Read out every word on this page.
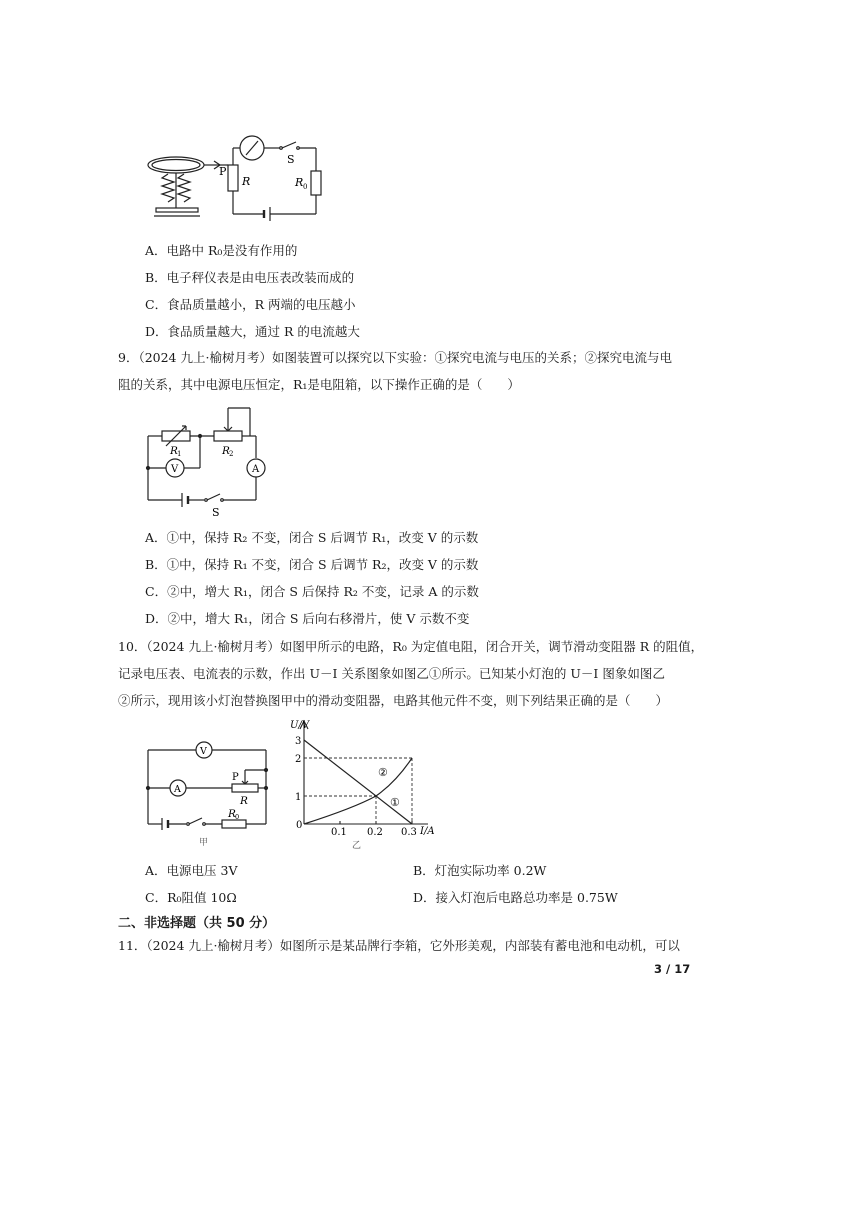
P
R
S
R 0
A．电路中 R₀是没有作用的
B．电子秤仪表是由电压表改装而成的
C．食品质量越小，R 两端的电压越小
D．食品质量越大，通过 R 的电流越大
9．（2024 九上·榆树月考）如图装置可以探究以下实验：①探究电流与电压的关系；②探究电流与电
阻的关系，其中电源电压恒定，R₁是电阻箱，以下操作正确的是（　　）
R 1	R 2
V	A
S
A．①中，保持 R₂ 不变，闭合 S 后调节 R₁，改变 V 的示数
B．①中，保持 R₁ 不变，闭合 S 后调节 R₂，改变 V 的示数
C．②中，增大 R₁，闭合 S 后保持 R₂ 不变，记录 A 的示数
D．②中，增大 R₁，闭合 S 后向右移滑片，使 V 示数不变
10．（2024 九上·榆树月考）如图甲所示的电路，R₀ 为定值电阻，闭合开关，调节滑动变阻器 R 的阻值，
记录电压表、电流表的示数，作出 U－I 关系图象如图乙①所示。已知某小灯泡的 U－I 图象如图乙
②所示，现用该小灯泡替换图甲中的滑动变阻器，电路其他元件不变，则下列结果正确的是（　　）
V
A
P
R
R 0
甲
U/V
I/A
0
1
2
3
0.1 0.2 0.3
①
②
乙
A．电源电压 3V	B．灯泡实际功率 0.2W
C．R₀阻值 10Ω	D．接入灯泡后电路总功率是 0.75W
二、非选择题（共 50 分）
11．（2024 九上·榆树月考）如图所示是某品牌行李箱，它外形美观，内部装有蓄电池和电动机，可以
3 / 17
